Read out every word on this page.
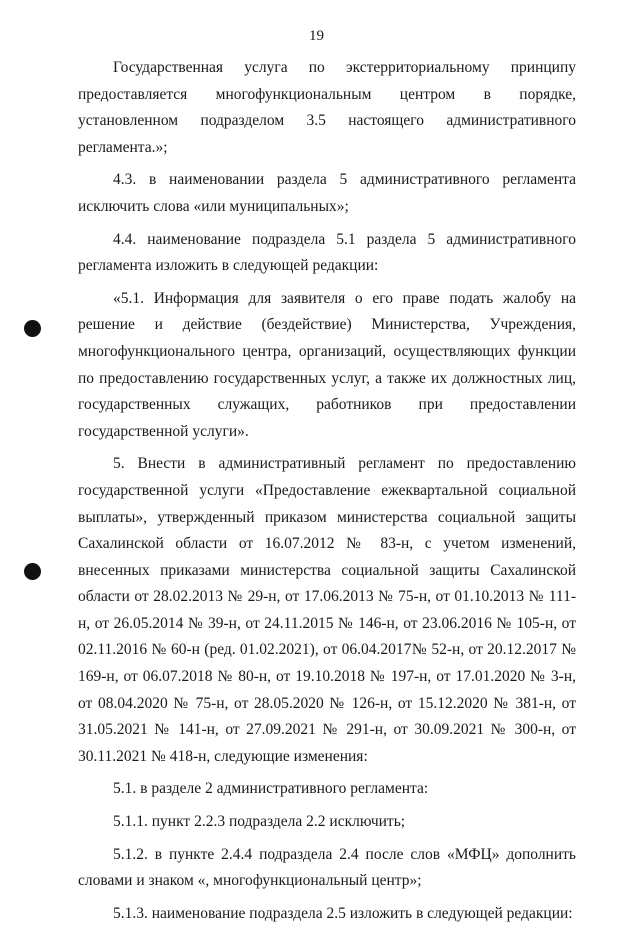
19

Государственная услуга по экстерриториальному принципу предоставляется многофункциональным центром в порядке, установленном подразделом 3.5 настоящего административного регламента.»;

4.3. в наименовании раздела 5 административного регламента исключить слова «или муниципальных»;

4.4. наименование подраздела 5.1 раздела 5 административного регламента изложить в следующей редакции:

«5.1. Информация для заявителя о его праве подать жалобу на решение и действие (бездействие) Министерства, Учреждения, многофункционального центра, организаций, осуществляющих функции по предоставлению государственных услуг, а также их должностных лиц, государственных служащих, работников при предоставлении государственной услуги».

5. Внести в административный регламент по предоставлению государственной услуги «Предоставление ежеквартальной социальной выплаты», утвержденный приказом министерства социальной защиты Сахалинской области от 16.07.2012 № 83-н, с учетом изменений, внесенных приказами министерства социальной защиты Сахалинской области от 28.02.2013 № 29-н, от 17.06.2013 № 75-н, от 01.10.2013 № 111-н, от 26.05.2014 № 39-н, от 24.11.2015 № 146-н, от 23.06.2016 № 105-н, от 02.11.2016 № 60-н (ред. 01.02.2021), от 06.04.2017№ 52-н, от 20.12.2017 № 169-н, от 06.07.2018 № 80-н, от 19.10.2018 № 197-н, от 17.01.2020 № 3-н, от 08.04.2020 № 75-н, от 28.05.2020 № 126-н, от 15.12.2020 № 381-н, от 31.05.2021 № 141-н, от 27.09.2021 № 291-н, от 30.09.2021 № 300-н, от 30.11.2021 № 418-н, следующие изменения:

5.1. в разделе 2 административного регламента:

5.1.1. пункт 2.2.3 подраздела 2.2 исключить;

5.1.2. в пункте 2.4.4 подраздела 2.4 после слов «МФЦ» дополнить словами и знаком «, многофункциональный центр»;

5.1.3. наименование подраздела 2.5 изложить в следующей редакции:
